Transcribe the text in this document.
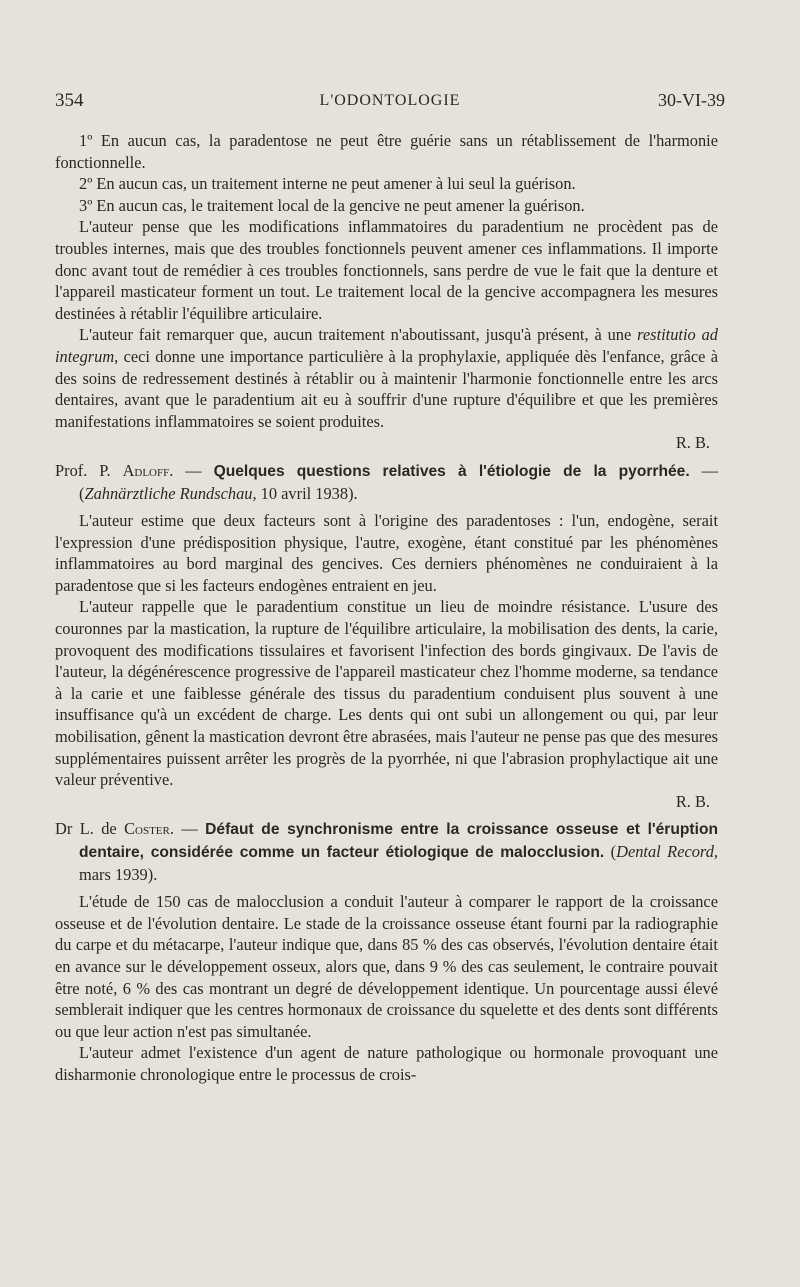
354	L'ODONTOLOGIE	30-VI-39

1º En aucun cas, la paradentose ne peut être guérie sans un rétablissement de l'harmonie fonctionnelle.

2º En aucun cas, un traitement interne ne peut amener à lui seul la guérison.

3º En aucun cas, le traitement local de la gencive ne peut amener la guérison.

L'auteur pense que les modifications inflammatoires du paradentium ne procèdent pas de troubles internes, mais que des troubles fonctionnels peuvent amener ces inflammations. Il importe donc avant tout de remédier à ces troubles fonctionnels, sans perdre de vue le fait que la denture et l'appareil masticateur forment un tout. Le traitement local de la gencive accompagnera les mesures destinées à rétablir l'équilibre articulaire.

L'auteur fait remarquer que, aucun traitement n'aboutissant, jusqu'à présent, à une restitutio ad integrum, ceci donne une importance particulière à la prophylaxie, appliquée dès l'enfance, grâce à des soins de redressement destinés à rétablir ou à maintenir l'harmonie fonctionnelle entre les arcs dentaires, avant que le paradentium ait eu à souffrir d'une rupture d'équilibre et que les premières manifestations inflammatoires se soient produites.

R. B.

Prof. P. Adloff. — Quelques questions relatives à l'étiologie de la pyorrhée. — (Zahnärztliche Rundschau, 10 avril 1938).

L'auteur estime que deux facteurs sont à l'origine des paradentoses : l'un, endogène, serait l'expression d'une prédisposition physique, l'autre, exogène, étant constitué par les phénomènes inflammatoires au bord marginal des gencives. Ces derniers phénomènes ne conduiraient à la paradentose que si les facteurs endogènes entraient en jeu.

L'auteur rappelle que le paradentium constitue un lieu de moindre résistance. L'usure des couronnes par la mastication, la rupture de l'équilibre articulaire, la mobilisation des dents, la carie, provoquent des modifications tissulaires et favorisent l'infection des bords gingivaux. De l'avis de l'auteur, la dégénérescence progressive de l'appareil masticateur chez l'homme moderne, sa tendance à la carie et une faiblesse générale des tissus du paradentium conduisent plus souvent à une insuffisance qu'à un excédent de charge. Les dents qui ont subi un allongement ou qui, par leur mobilisation, gênent la mastication devront être abrasées, mais l'auteur ne pense pas que des mesures supplémentaires puissent arrêter les progrès de la pyorrhée, ni que l'abrasion prophylactique ait une valeur préventive.

R. B.

Dr L. de Coster. — Défaut de synchronisme entre la croissance osseuse et l'éruption dentaire, considérée comme un facteur étiologique de malocclusion. (Dental Record, mars 1939).

L'étude de 150 cas de malocclusion a conduit l'auteur à comparer le rapport de la croissance osseuse et de l'évolution dentaire. Le stade de la croissance osseuse étant fourni par la radiographie du carpe et du métacarpe, l'auteur indique que, dans 85 % des cas observés, l'évolution dentaire était en avance sur le développement osseux, alors que, dans 9 % des cas seulement, le contraire pouvait être noté, 6 % des cas montrant un degré de développement identique. Un pourcentage aussi élevé semblerait indiquer que les centres hormonaux de croissance du squelette et des dents sont différents ou que leur action n'est pas simultanée.

L'auteur admet l'existence d'un agent de nature pathologique ou hormonale provoquant une disharmonie chronologique entre le processus de crois-
